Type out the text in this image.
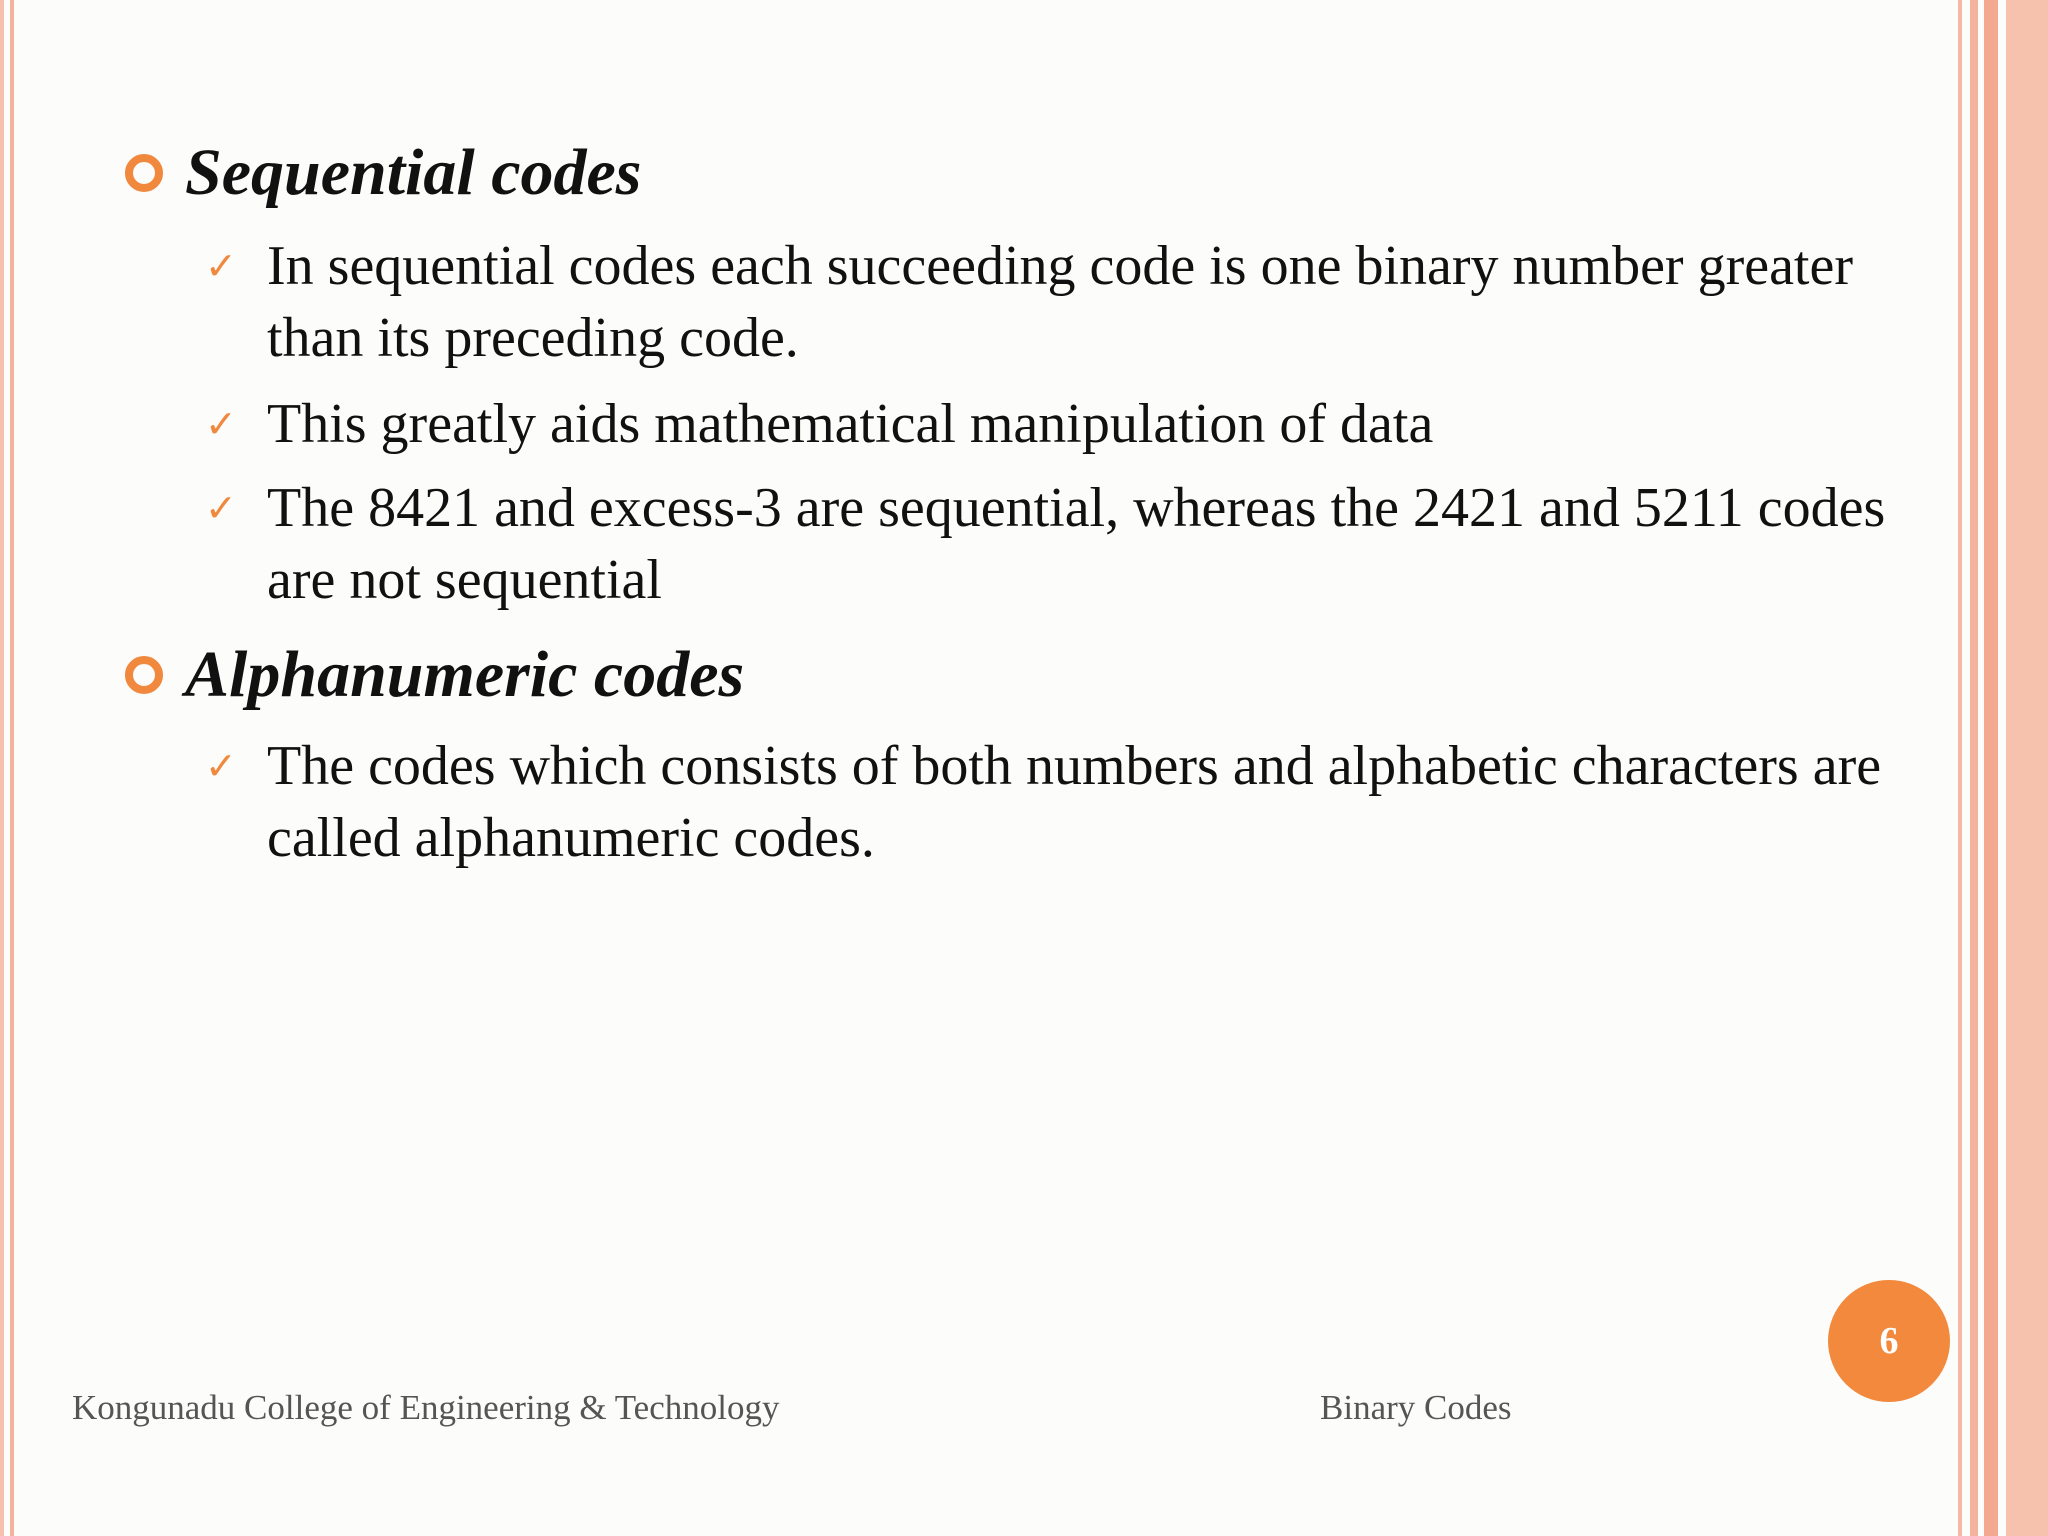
Sequential codes
✓ In sequential codes each succeeding code is one binary number greater than its preceding code.
✓ This greatly aids mathematical manipulation of data
✓ The 8421 and excess-3 are sequential, whereas the 2421 and 5211 codes are not sequential
Alphanumeric codes
✓ The codes which consists of both numbers and alphabetic characters are called alphanumeric codes.
Kongunadu College of Engineering & Technology	Binary Codes
6
